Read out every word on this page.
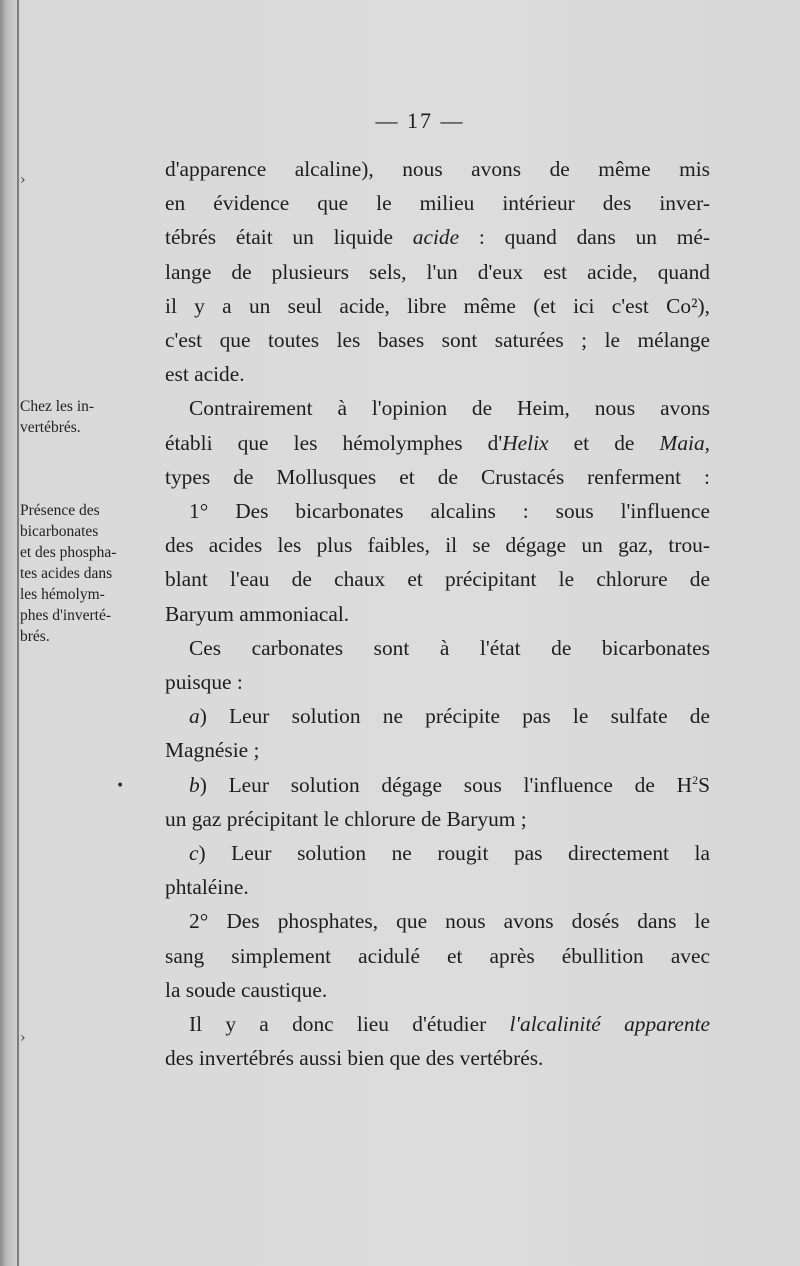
— 17 —
Chez les in-
vertébrés.
Présence des
bicarbonates
et des phospha-
tes acides dans
les hémolym-
phes d'inverté-
brés.

d'apparence alcaline), nous avons de même mis
en évidence que le milieu intérieur des inver-
tébrés était un liquide acide : quand dans un mé-
lange de plusieurs sels, l'un d'eux est acide, quand
il y a un seul acide, libre même (et ici c'est Co²),
c'est que toutes les bases sont saturées ; le mélange
est acide.

Contrairement à l'opinion de Heim, nous avons
établi que les hémolymphes d'Helix et de Maia,
types de Mollusques et de Crustacés renferment :

1° Des bicarbonates alcalins : sous l'influence
des acides les plus faibles, il se dégage un gaz, trou-
blant l'eau de chaux et précipitant le chlorure de
Baryum ammoniacal.

Ces carbonates sont à l'état de bicarbonates
puisque :

a) Leur solution ne précipite pas le sulfate de
Magnésie ;

b) Leur solution dégage sous l'influence de $H^2S$
un gaz précipitant le chlorure de Baryum ;

c) Leur solution ne rougit pas directement la
phtaléine.

2° Des phosphates, que nous avons dosés dans le
sang simplement acidulé et après ébullition avec
la soude caustique.

Il y a donc lieu d'étudier l'alcalinité apparente
des invertébrés aussi bien que des vertébrés.

›
›
•
